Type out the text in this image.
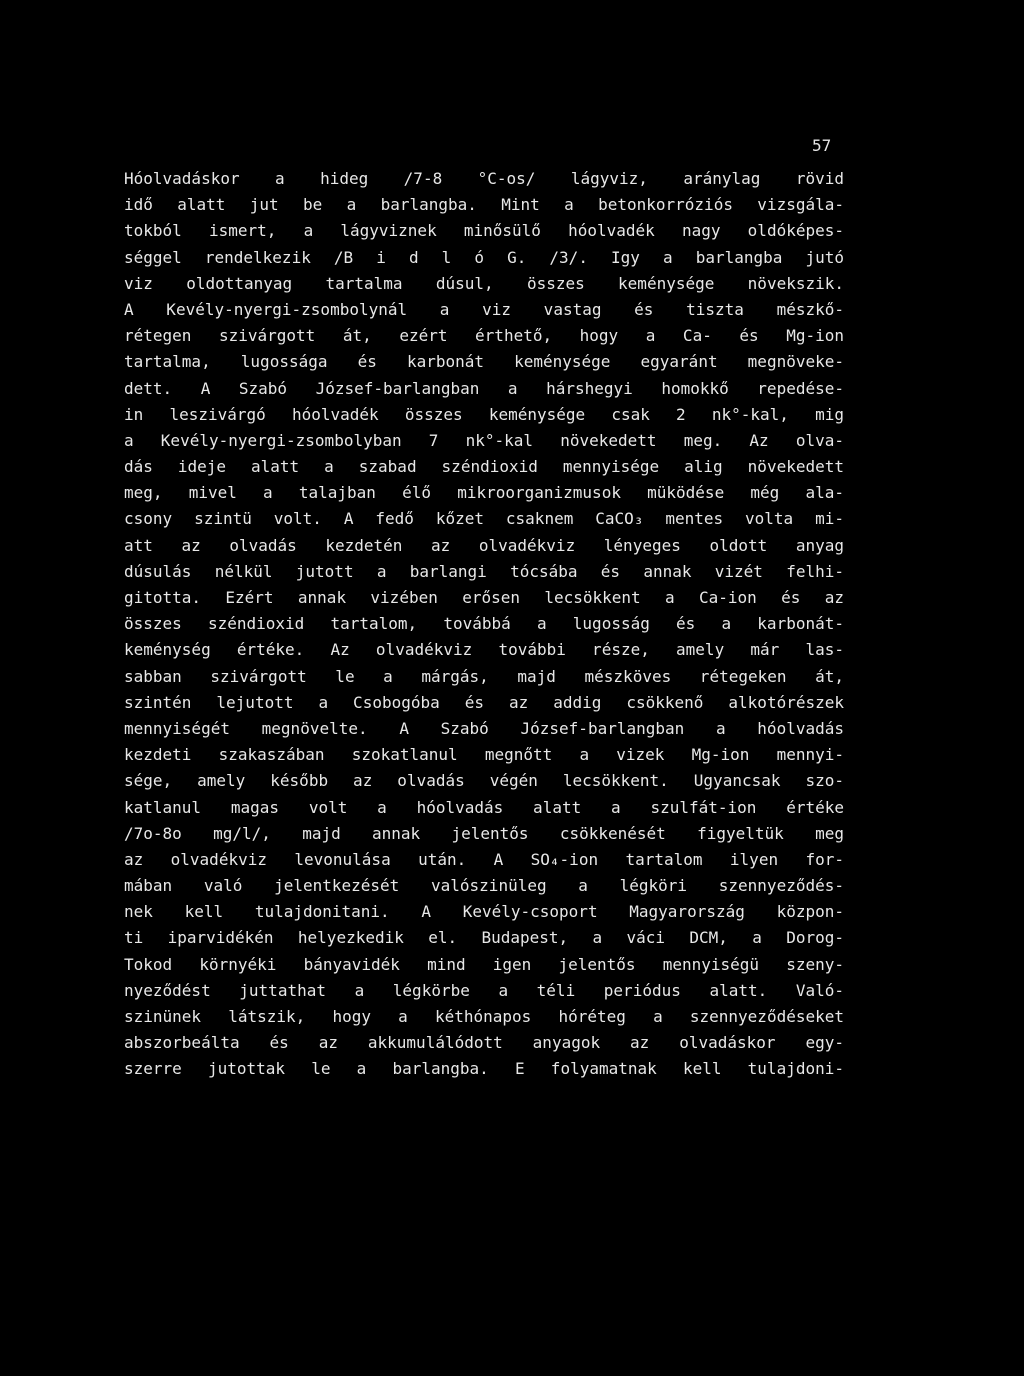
57
Hóolvadáskor a hideg /7-8 °C-os/ lágyviz, aránylag rövid
idő alatt jut be a barlangba. Mint a betonkorróziós vizsgála-
tokból ismert, a lágyviznek minősülő hóolvadék nagy oldóképes-
séggel rendelkezik /B i d l ó G. /3/. Igy a barlangba jutó
viz oldottanyag tartalma dúsul, összes keménysége növekszik.
A Kevély-nyergi-zsombolynál a viz vastag és tiszta mészkő-
rétegen szivárgott át, ezért érthető, hogy a Ca- és Mg-ion
tartalma, lugossága és karbonát keménysége egyaránt megnöveke-
dett. A Szabó József-barlangban a hárshegyi homokkő repedése-
in leszivárgó hóolvadék összes keménysége csak 2 nk°-kal, mig
a Kevély-nyergi-zsombolyban 7 nk°-kal növekedett meg. Az olva-
dás ideje alatt a szabad széndioxid mennyisége alig növekedett
meg, mivel a talajban élő mikroorganizmusok müködése még ala-
csony szintü volt. A fedő kőzet csaknem CaCO₃ mentes volta mi-
att az olvadás kezdetén az olvadékviz lényeges oldott anyag
dúsulás nélkül jutott a barlangi tócsába és annak vizét felhi-
gitotta. Ezért annak vizében erősen lecsökkent a Ca-ion és az
összes széndioxid tartalom, továbbá a lugosság és a karbonát-
keménység értéke. Az olvadékviz további része, amely már las-
sabban szivárgott le a márgás, majd mészköves rétegeken át,
szintén lejutott a Csobogóba és az addig csökkenő alkotórészek
mennyiségét megnövelte. A Szabó József-barlangban a hóolvadás
kezdeti szakaszában szokatlanul megnőtt a vizek Mg-ion mennyi-
sége, amely később az olvadás végén lecsökkent. Ugyancsak szo-
katlanul magas volt a hóolvadás alatt a szulfát-ion értéke
/7o-8o mg/l/, majd annak jelentős csökkenését figyeltük meg
az olvadékviz levonulása után. A SO₄-ion tartalom ilyen for-
mában való jelentkezését valószinüleg a légköri szennyeződés-
nek kell tulajdonitani. A Kevély-csoport Magyarország közpon-
ti iparvidékén helyezkedik el. Budapest, a váci DCM, a Dorog-
Tokod környéki bányavidék mind igen jelentős mennyiségü szeny-
nyeződést juttathat a légkörbe a téli periódus alatt. Való-
szinünek látszik, hogy a kéthónapos hóréteg a szennyeződéseket
abszorbeálta és az akkumulálódott anyagok az olvadáskor egy-
szerre jutottak le a barlangba. E folyamatnak kell tulajdoni-
